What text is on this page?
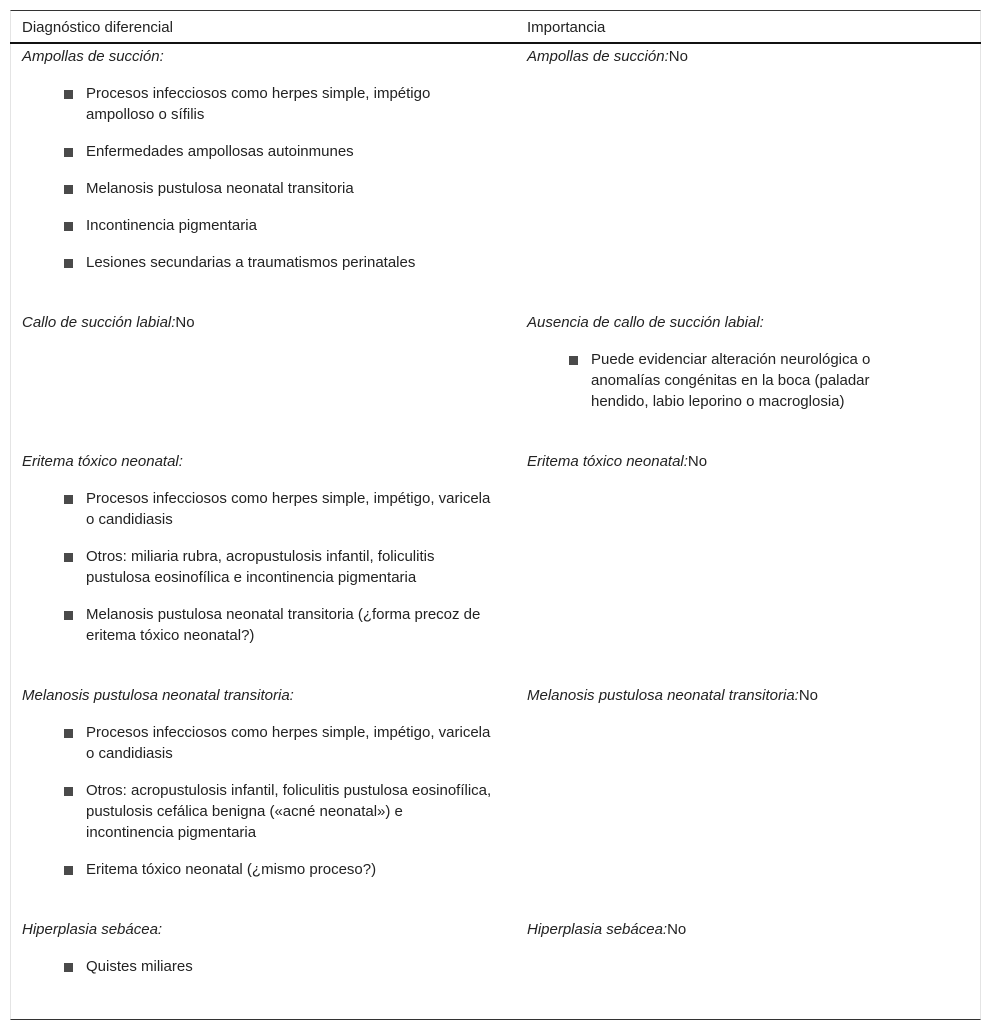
Diagnóstico diferencial	Importancia
Ampollas de succión:
Procesos infecciosos como herpes simple, impétigo ampolloso o sífilis
Enfermedades ampollosas autoinmunes
Melanosis pustulosa neonatal transitoria
Incontinencia pigmentaria
Lesiones secundarias a traumatismos perinatales
Ampollas de succión:No
Callo de succión labial:No	Ausencia de callo de succión labial:
Puede evidenciar alteración neurológica o anomalías congénitas en la boca (paladar hendido, labio leporino o macroglosia)
Eritema tóxico neonatal:
Procesos infecciosos como herpes simple, impétigo, varicela o candidiasis
Otros: miliaria rubra, acropustulosis infantil, foliculitis pustulosa eosinofílica e incontinencia pigmentaria
Melanosis pustulosa neonatal transitoria (¿forma precoz de eritema tóxico neonatal?)
Eritema tóxico neonatal:No
Melanosis pustulosa neonatal transitoria:
Procesos infecciosos como herpes simple, impétigo, varicela o candidiasis
Otros: acropustulosis infantil, foliculitis pustulosa eosinofílica, pustulosis cefálica benigna («acné neonatal») e incontinencia pigmentaria
Eritema tóxico neonatal (¿mismo proceso?)
Melanosis pustulosa neonatal transitoria:No
Hiperplasia sebácea:
Quistes miliares
Hiperplasia sebácea:No
